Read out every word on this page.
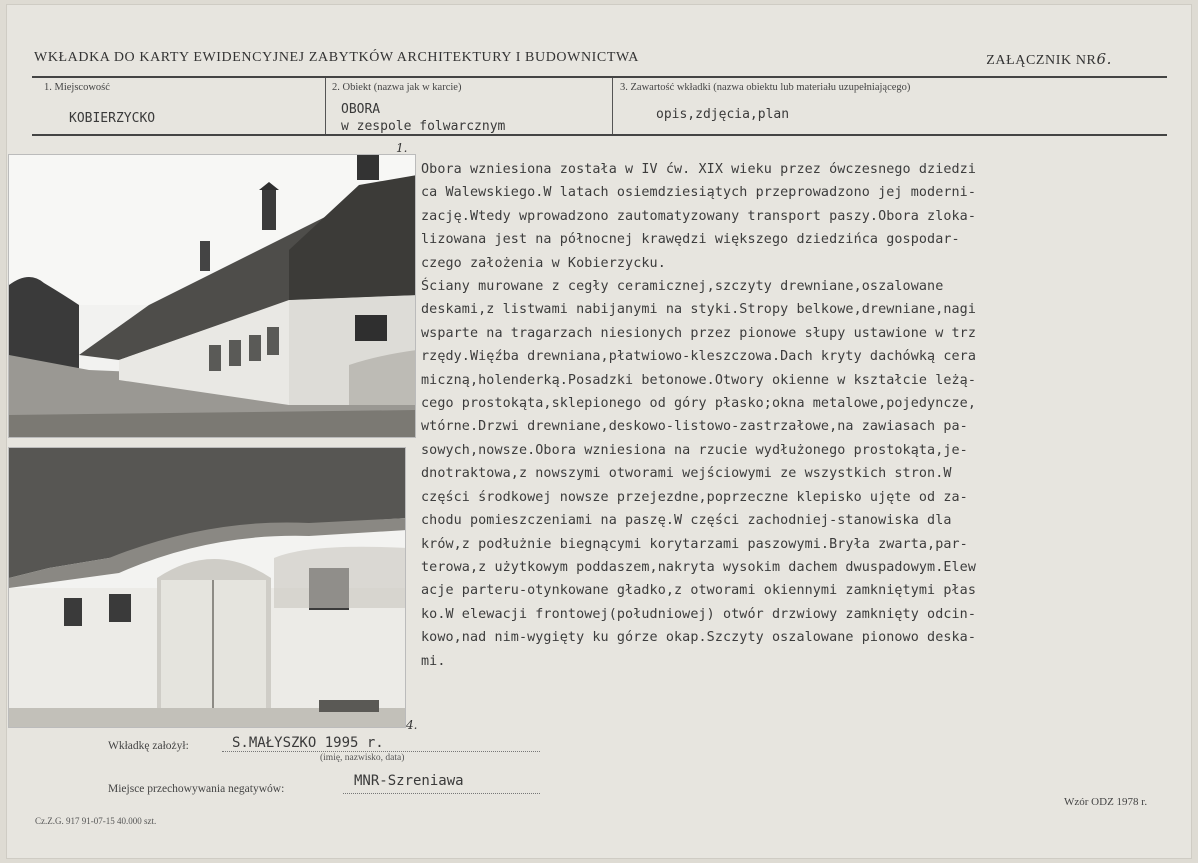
WKŁADKA DO KARTY EWIDENCYJNEJ ZABYTKÓW ARCHITEKTURY I BUDOWNICTWA	ZAŁĄCZNIK NR6.
1. Miejscowość
KOBIERZYCKO
2. Obiekt (nazwa jak w karcie)
OBORA
w zespole folwarcznym
3. Zawartość wkładki (nazwa obiektu lub materiału uzupełniającego)
opis,zdjęcia,plan
1.
4.
Obora wzniesiona została w IV ćw. XIX wieku przez ówczesnego dziedzi
ca Walewskiego.W latach osiemdziesiątych przeprowadzono jej moderni-
zację.Wtedy wprowadzono zautomatyzowany transport paszy.Obora zloka-
lizowana jest na północnej krawędzi większego dziedzińca gospodar-
czego założenia w Kobierzycku.
Ściany murowane z cegły ceramicznej,szczyty drewniane,oszalowane
deskami,z listwami nabijanymi na styki.Stropy belkowe,drewniane,nagi
wsparte na tragarzach niesionych przez pionowe słupy ustawione w trz
rzędy.Więźba drewniana,płatwiowo-kleszczowa.Dach kryty dachówką cera
miczną,holenderką.Posadzki betonowe.Otwory okienne w kształcie leżą-
cego prostokąta,sklepionego od góry płasko;okna metalowe,pojedyncze,
wtórne.Drzwi drewniane,deskowo-listowo-zastrzałowe,na zawiasach pa-
sowych,nowsze.Obora wzniesiona na rzucie wydłużonego prostokąta,je-
dnotraktowa,z nowszymi otworami wejściowymi ze wszystkich stron.W
części środkowej nowsze przejezdne,poprzeczne klepisko ujęte od za-
chodu pomieszczeniami na paszę.W części zachodniej-stanowiska dla
krów,z podłużnie biegnącymi korytarzami paszowymi.Bryła zwarta,par-
terowa,z użytkowym poddaszem,nakryta wysokim dachem dwuspadowym.Elew
acje parteru-otynkowane gładko,z otworami okiennymi zamkniętymi płas
ko.W elewacji frontowej(południowej) otwór drzwiowy zamknięty odcin-
kowo,nad nim-wygięty ku górze okap.Szczyty oszalowane pionowo deska-
mi.
Wkładkę założył:	S.MAŁYSZKO 1995 r.
(imię, nazwisko, data)
Miejsce przechowywania negatywów:	MNR-Szreniawa
Wzór ODZ 1978 r.
Cz.Z.G. 917 91-07-15 40.000 szt.
